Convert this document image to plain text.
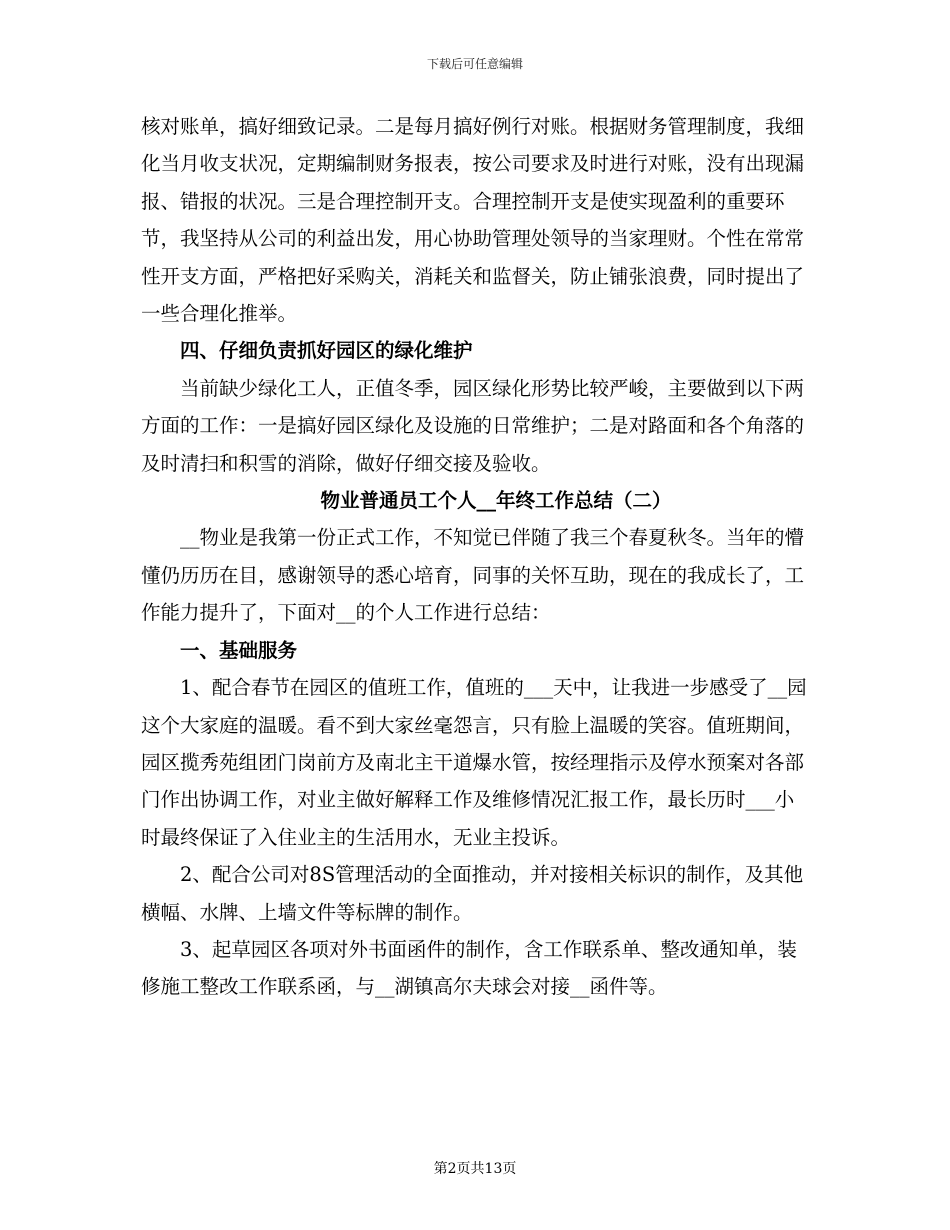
下载后可任意编辑

核对账单，搞好细致记录。二是每月搞好例行对账。根据财务管理制度，我细化当月收支状况，定期编制财务报表，按公司要求及时进行对账，没有出现漏报、错报的状况。三是合理控制开支。合理控制开支是使实现盈利的重要环节，我坚持从公司的利益出发，用心协助管理处领导的当家理财。个性在常常性开支方面，严格把好采购关，消耗关和监督关，防止铺张浪费，同时提出了一些合理化推举。

四、仔细负责抓好园区的绿化维护

当前缺少绿化工人，正值冬季，园区绿化形势比较严峻，主要做到以下两方面的工作：一是搞好园区绿化及设施的日常维护；二是对路面和各个角落的及时清扫和积雪的消除，做好仔细交接及验收。

物业普通员工个人__年终工作总结（二）

__物业是我第一份正式工作，不知觉已伴随了我三个春夏秋冬。当年的懵懂仍历历在目，感谢领导的悉心培育，同事的关怀互助，现在的我成长了，工作能力提升了，下面对__的个人工作进行总结：

一、基础服务

1、配合春节在园区的值班工作，值班的___天中，让我进一步感受了__园这个大家庭的温暖。看不到大家丝毫怨言，只有脸上温暖的笑容。值班期间，园区揽秀苑组团门岗前方及南北主干道爆水管，按经理指示及停水预案对各部门作出协调工作，对业主做好解释工作及维修情况汇报工作，最长历时___小时最终保证了入住业主的生活用水，无业主投诉。

2、配合公司对8S管理活动的全面推动，并对接相关标识的制作，及其他横幅、水牌、上墙文件等标牌的制作。

3、起草园区各项对外书面函件的制作，含工作联系单、整改通知单，装修施工整改工作联系函，与__湖镇高尔夫球会对接__函件等。

第2页共13页
